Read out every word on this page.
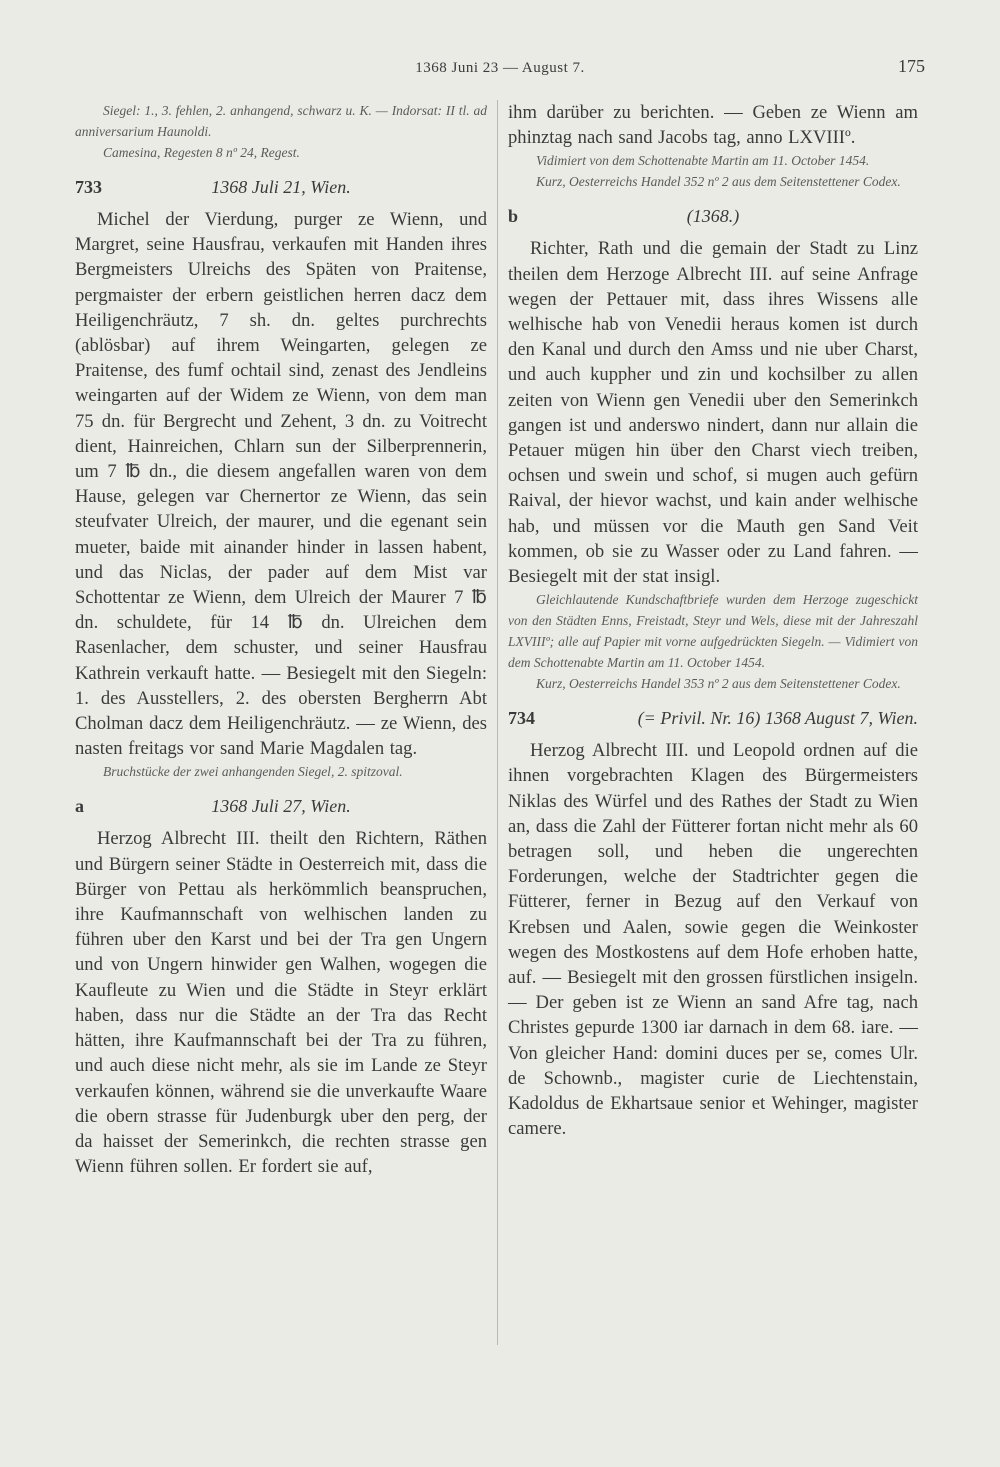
1368 Juni 23 — August 7.	175

Siegel: 1., 3. fehlen, 2. anhangend, schwarz u. K. — Indorsat: II tl. ad anniversarium Haunoldi.

Camesina, Regesten 8 nº 24, Regest.

733	1368 Juli 21, Wien.

Michel der Vierdung, purger ze Wienn, und Margret, seine Hausfrau, verkaufen mit Handen ihres Bergmeisters Ulreichs des Späten von Praitense, pergmaister der erbern geistlichen herren dacz dem Heiligenchräutz, 7 sh. dn. geltes purchrechts (ablösbar) auf ihrem Weingarten, gelegen ze Praitense, des fumf ochtail sind, zenast des Jendleins weingarten auf der Widem ze Wienn, von dem man 75 dn. für Bergrecht und Zehent, 3 dn. zu Voitrecht dient, Hainreichen, Chlarn sun der Silberprennerin, um 7 ℔ dn., die diesem angefallen waren von dem Hause, gelegen var Chernertor ze Wienn, das sein steufvater Ulreich, der maurer, und die egenant sein mueter, baide mit ainander hinder in lassen habent, und das Niclas, der pader auf dem Mist var Schottentar ze Wienn, dem Ulreich der Maurer 7 ℔ dn. schuldete, für 14 ℔ dn. Ulreichen dem Rasenlacher, dem schuster, und seiner Hausfrau Kathrein verkauft hatte. — Besiegelt mit den Siegeln: 1. des Ausstellers, 2. des obersten Bergherrn Abt Cholman dacz dem Heiligenchräutz. — ze Wienn, des nasten freitags vor sand Marie Magdalen tag.

Bruchstücke der zwei anhangenden Siegel, 2. spitzoval.

a	1368 Juli 27, Wien.

Herzog Albrecht III. theilt den Richtern, Räthen und Bürgern seiner Städte in Oesterreich mit, dass die Bürger von Pettau als herkömmlich beanspruchen, ihre Kaufmannschaft von welhischen landen zu führen uber den Karst und bei der Tra gen Ungern und von Ungern hinwider gen Walhen, wogegen die Kaufleute zu Wien und die Städte in Steyr erklärt haben, dass nur die Städte an der Tra das Recht hätten, ihre Kaufmannschaft bei der Tra zu führen, und auch diese nicht mehr, als sie im Lande ze Steyr verkaufen können, während sie die unverkaufte Waare die obern strasse für Judenburgk uber den perg, der da haisset der Semerinkch, die rechten strasse gen Wienn führen sollen. Er fordert sie auf,

ihm darüber zu berichten. — Geben ze Wienn am phinztag nach sand Jacobs tag, anno LXVIIIº.

Vidimiert von dem Schottenabte Martin am 11. October 1454.

Kurz, Oesterreichs Handel 352 nº 2 aus dem Seitenstettener Codex.

b	(1368.)

Richter, Rath und die gemain der Stadt zu Linz theilen dem Herzoge Albrecht III. auf seine Anfrage wegen der Pettauer mit, dass ihres Wissens alle welhische hab von Venedii heraus komen ist durch den Kanal und durch den Amss und nie uber Charst, und auch kuppher und zin und kochsilber zu allen zeiten von Wienn gen Venedii uber den Semerinkch gangen ist und anderswo nindert, dann nur allain die Petauer mügen hin über den Charst viech treiben, ochsen und swein und schof, si mugen auch gefürn Raival, der hievor wachst, und kain ander welhische hab, und müssen vor die Mauth gen Sand Veit kommen, ob sie zu Wasser oder zu Land fahren. — Besiegelt mit der stat insigl.

Gleichlautende Kundschaftbriefe wurden dem Herzoge zugeschickt von den Städten Enns, Freistadt, Steyr und Wels, diese mit der Jahreszahl LXVIIIº; alle auf Papier mit vorne aufgedrückten Siegeln. — Vidimiert von dem Schottenabte Martin am 11. October 1454.

Kurz, Oesterreichs Handel 353 nº 2 aus dem Seitenstettener Codex.

734	(= Privil. Nr. 16) 1368 August 7, Wien.

Herzog Albrecht III. und Leopold ordnen auf die ihnen vorgebrachten Klagen des Bürgermeisters Niklas des Würfel und des Rathes der Stadt zu Wien an, dass die Zahl der Fütterer fortan nicht mehr als 60 betragen soll, und heben die ungerechten Forderungen, welche der Stadtrichter gegen die Fütterer, ferner in Bezug auf den Verkauf von Krebsen und Aalen, sowie gegen die Weinkoster wegen des Mostkostens auf dem Hofe erhoben hatte, auf. — Besiegelt mit den grossen fürstlichen insigeln. — Der geben ist ze Wienn an sand Afre tag, nach Christes gepurde 1300 iar darnach in dem 68. iare. — Von gleicher Hand: domini duces per se, comes Ulr. de Schownb., magister curie de Liechtenstain, Kadoldus de Ekhartsaue senior et Wehinger, magister camere.
